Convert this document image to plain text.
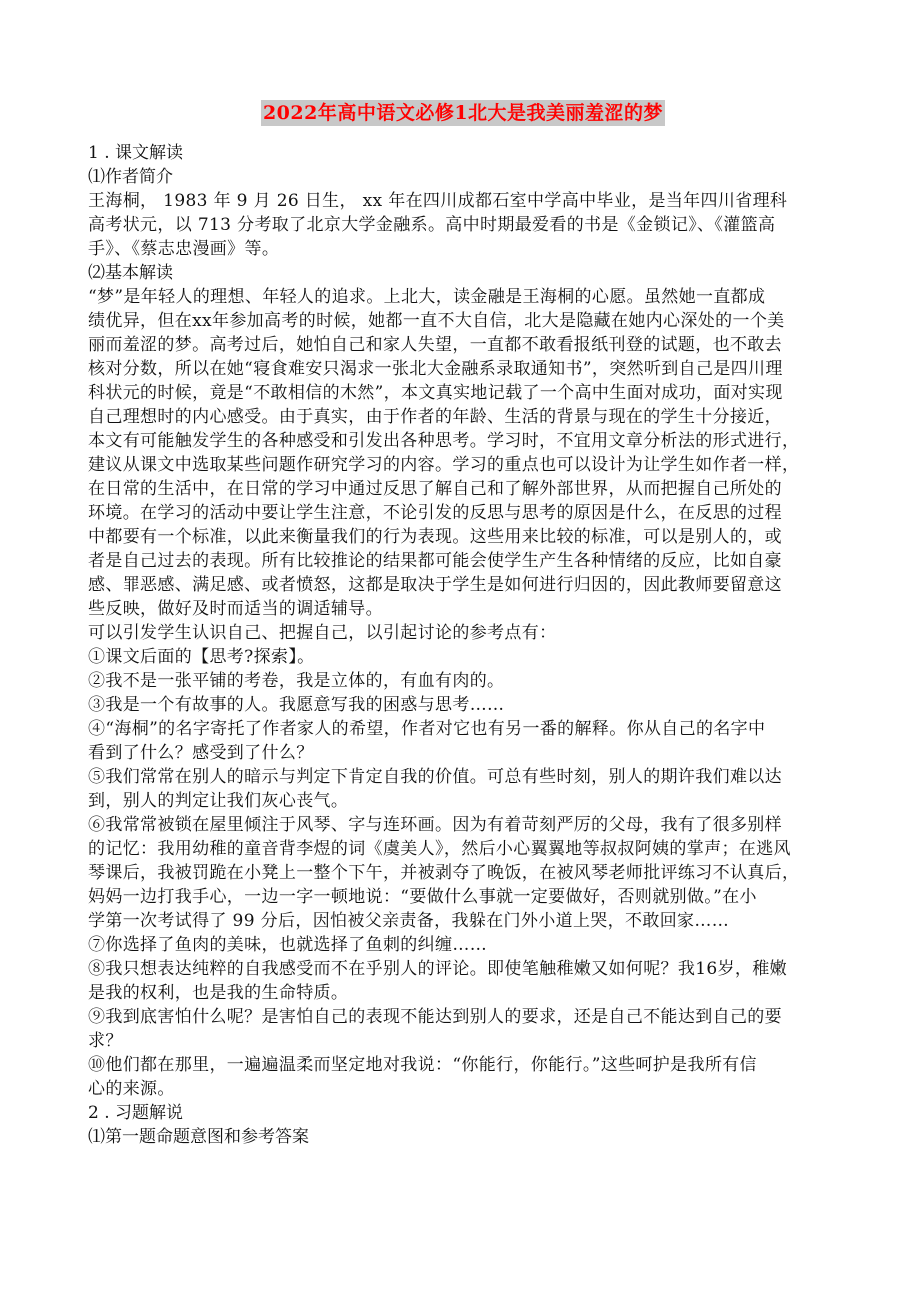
2022年高中语文必修1北大是我美丽羞涩的梦
1 . 课文解读
⑴作者简介
王海桐， 1983 年 9 月 26 日生， xx 年在四川成都石室中学高中毕业，是当年四川省理科
高考状元，以 713 分考取了北京大学金融系。高中时期最爱看的书是《金锁记》、《灌篮高
手》、《蔡志忠漫画》等。
⑵基本解读
“梦”是年轻人的理想、年轻人的追求。上北大，读金融是王海桐的心愿。虽然她一直都成
绩优异，但在xx年参加高考的时候，她都一直不大自信，北大是隐藏在她内心深处的一个美
丽而羞涩的梦。高考过后，她怕自己和家人失望，一直都不敢看报纸刊登的试题，也不敢去
核对分数，所以在她“寝食难安只渴求一张北大金融系录取通知书”，突然听到自己是四川理
科状元的时候，竟是“不敢相信的木然”，本文真实地记载了一个高中生面对成功，面对实现
自己理想时的内心感受。由于真实，由于作者的年龄、生活的背景与现在的学生十分接近，
本文有可能触发学生的各种感受和引发出各种思考。学习时，不宜用文章分析法的形式进行，
建议从课文中选取某些问题作研究学习的内容。学习的重点也可以设计为让学生如作者一样，
在日常的生活中，在日常的学习中通过反思了解自己和了解外部世界，从而把握自己所处的
环境。在学习的活动中要让学生注意，不论引发的反思与思考的原因是什么，在反思的过程
中都要有一个标准，以此来衡量我们的行为表现。这些用来比较的标准，可以是别人的，或
者是自己过去的表现。所有比较推论的结果都可能会使学生产生各种情绪的反应，比如自豪
感、罪恶感、满足感、或者愤怒，这都是取决于学生是如何进行归因的，因此教师要留意这
些反映，做好及时而适当的调适辅导。
可以引发学生认识自己、把握自己，以引起讨论的参考点有：
①课文后面的【思考?探索】。
②我不是一张平铺的考卷，我是立体的，有血有肉的。
③我是一个有故事的人。我愿意写我的困惑与思考……
④“海桐”的名字寄托了作者家人的希望，作者对它也有另一番的解释。你从自己的名字中
看到了什么？感受到了什么？
⑤我们常常在别人的暗示与判定下肯定自我的价值。可总有些时刻，别人的期许我们难以达
到，别人的判定让我们灰心丧气。
⑥我常常被锁在屋里倾注于风琴、字与连环画。因为有着苛刻严厉的父母，我有了很多别样
的记忆：我用幼稚的童音背李煜的词《虞美人》，然后小心翼翼地等叔叔阿姨的掌声；在逃风
琴课后，我被罚跪在小凳上一整个下午，并被剥夺了晚饭，在被风琴老师批评练习不认真后，
妈妈一边打我手心，一边一字一顿地说：“要做什么事就一定要做好，否则就别做。”在小
学第一次考试得了 99 分后，因怕被父亲责备，我躲在门外小道上哭，不敢回家……
⑦你选择了鱼肉的美味，也就选择了鱼刺的纠缠……
⑧我只想表达纯粹的自我感受而不在乎别人的评论。即使笔触稚嫩又如何呢？我16岁，稚嫩
是我的权利，也是我的生命特质。
⑨我到底害怕什么呢？是害怕自己的表现不能达到别人的要求，还是自己不能达到自己的要
求？
⑩他们都在那里，一遍遍温柔而坚定地对我说：“你能行，你能行。”这些呵护是我所有信
心的来源。
2 . 习题解说
⑴第一题命题意图和参考答案
